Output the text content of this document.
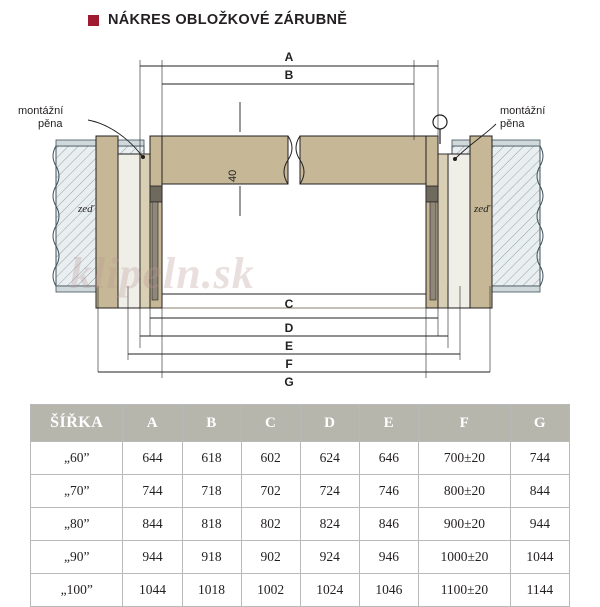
NÁKRES OBLOŽKOVÉ ZÁRUBNĚ
montážní
pěna
montážní
pěna
zeď	zeď
40
A
B
C
D
E
F
G
klipeln.sk
ŠÍŘKA	A	B	C	D	E	F	G
„60”	644	618	602	624	646	700±20	744
„70”	744	718	702	724	746	800±20	844
„80”	844	818	802	824	846	900±20	944
„90”	944	918	902	924	946	1000±20	1044
„100”	1044	1018	1002	1024	1046	1100±20	1144
